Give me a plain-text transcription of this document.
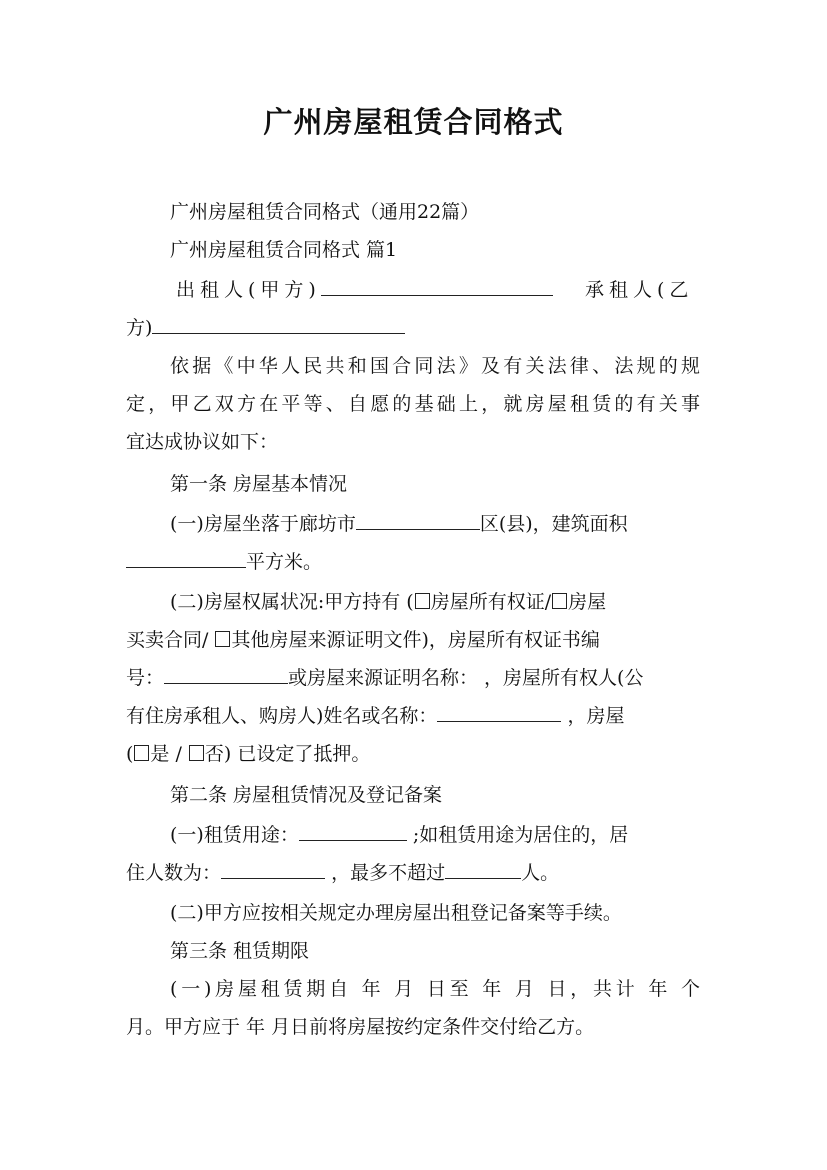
广州房屋租赁合同格式
广州房屋租赁合同格式（通用22篇）
广州房屋租赁合同格式 篇1
出租人(甲方)	承租人(乙
方)
依据《中华人民共和国合同法》及有关法律、法规的规
定，甲乙双方在平等、自愿的基础上，就房屋租赁的有关事
宜达成协议如下：
第一条 房屋基本情况
(一)房屋坐落于廊坊市	区(县)，建筑面积
平方米。
(二)房屋权属状况:甲方持有 ( 房屋所有权证/ 房屋
买卖合同/ 其他房屋来源证明文件)，房屋所有权证书编
号：	或房屋来源证明名称： ，房屋所有权人(公
有住房承租人、购房人)姓名或名称：	，房屋
( 是 / 否) 已设定了抵押。
第二条 房屋租赁情况及登记备案
(一)租赁用途：	;如租赁用途为居住的，居
住人数为：	，最多不超过	人。
(二)甲方应按相关规定办理房屋出租登记备案等手续。
第三条 租赁期限
(一)房屋租赁期自 年 月 日至 年 月 日，共计 年 个
月。甲方应于 年 月日前将房屋按约定条件交付给乙方。
